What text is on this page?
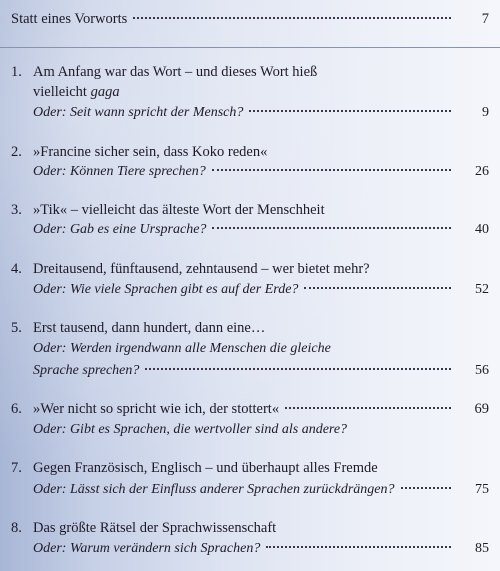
Statt eines Vorworts	7
1. Am Anfang war das Wort – und dieses Wort hieß
vielleicht gaga
Oder: Seit wann spricht der Mensch?	9
2. »Francine sicher sein, dass Koko reden«
Oder: Können Tiere sprechen?	26
3. »Tik« – vielleicht das älteste Wort der Menschheit
Oder: Gab es eine Ursprache?	40
4. Dreitausend, fünftausend, zehntausend – wer bietet mehr?
Oder: Wie viele Sprachen gibt es auf der Erde?	52
5. Erst tausend, dann hundert, dann eine…
Oder: Werden irgendwann alle Menschen die gleiche
Sprache sprechen?	56
6. »Wer nicht so spricht wie ich, der stottert«	69
Oder: Gibt es Sprachen, die wertvoller sind als andere?
7. Gegen Französisch, Englisch – und überhaupt alles Fremde
Oder: Lässt sich der Einfluss anderer Sprachen zurückdrängen?	75
8. Das größte Rätsel der Sprachwissenschaft
Oder: Warum verändern sich Sprachen?	85
